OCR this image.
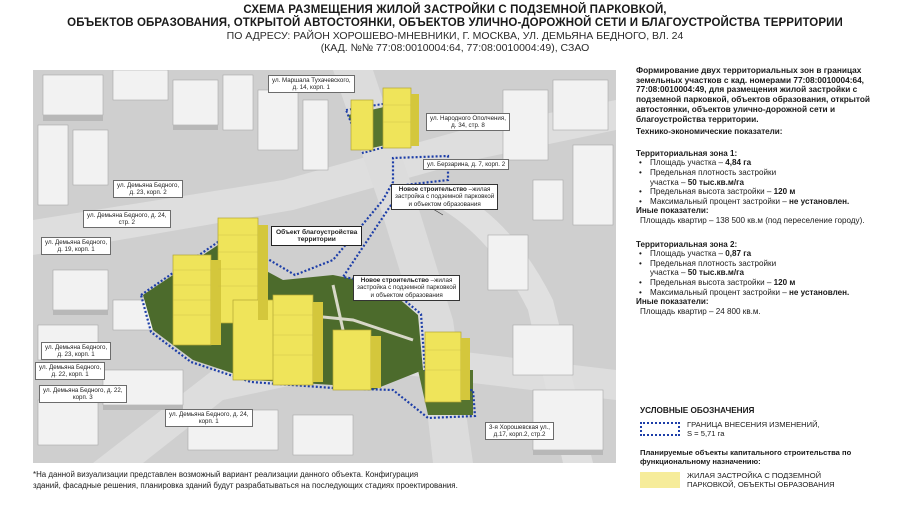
СХЕМА РАЗМЕЩЕНИЯ ЖИЛОЙ ЗАСТРОЙКИ С ПОДЗЕМНОЙ ПАРКОВКОЙ,
ОБЪЕКТОВ ОБРАЗОВАНИЯ, ОТКРЫТОЙ АВТОСТОЯНКИ, ОБЪЕКТОВ УЛИЧНО-ДОРОЖНОЙ СЕТИ И БЛАГОУСТРОЙСТВА ТЕРРИТОРИИ
ПО АДРЕСУ: РАЙОН ХОРОШЕВО-МНЕВНИКИ, Г. МОСКВА, УЛ. ДЕМЬЯНА БЕДНОГО, ВЛ. 24
(КАД. №№ 77:08:0010004:64, 77:08:0010004:49), СЗАО
ул. Маршала Тухачевского,
д. 14, корп. 1
ул. Народного Ополчения,
д. 34, стр. 8
ул. Берзарина, д. 7, корп. 2
ул. Демьяна Бедного,
д. 23, корп. 2
ул. Демьяна Бедного, д. 24,
стр. 2
ул. Демьяна Бедного,
д. 19, корп. 1
ул. Демьяна Бедного,
д. 23, корп. 1
ул. Демьяна Бедного,
д. 22, корп. 1
ул. Демьяна Бедного, д. 22,
корп. 3
ул. Демьяна Бедного, д. 24,
корп. 1
3-я Хорошевская ул.,
д.17, корп.2, стр.2
Новое строительство –жилая
застройка с подземной парковкой
и объектом образования
Объект благоустройства
территории
Новое строительство –жилая
застройка с подземной парковкой
и объектом образования
Формирование двух территориальных зон в границах земельных участков с кад. номерами 77:08:0010004:64, 77:08:0010004:49, для размещения жилой застройки с подземной парковкой, объектов образования, открытой автостоянки, объектов улично-дорожной сети и благоустройства территории.
Технико-экономические показатели:
Территориальная зона 1:
• Площадь участка – 4,84 га
• Предельная плотность застройки
участка – 50 тыс.кв.м/га
• Предельная высота застройки – 120 м
• Максимальный процент застройки – не установлен.
Иные показатели:
Площадь квартир – 138 500 кв.м (под переселение городу).
Территориальная зона 2:
• Площадь участка – 0,87 га
• Предельная плотность застройки
участка – 50 тыс.кв.м/га
• Предельная высота застройки – 120 м
• Максимальный процент застройки – не установлен.
Иные показатели:
Площадь квартир – 24 800 кв.м.
УСЛОВНЫЕ ОБОЗНАЧЕНИЯ
ГРАНИЦА ВНЕСЕНИЯ ИЗМЕНЕНИЙ,
S = 5,71 га
Планируемые объекты капитального строительства по функциональному назначению:
ЖИЛАЯ ЗАСТРОЙКА С ПОДЗЕМНОЙ
ПАРКОВКОЙ, ОБЪЕКТЫ ОБРАЗОВАНИЯ
*На данной визуализации представлен возможный вариант реализации данного объекта. Конфигурация
зданий, фасадные решения, планировка зданий будут разрабатываться на последующих стадиях проектирования.
